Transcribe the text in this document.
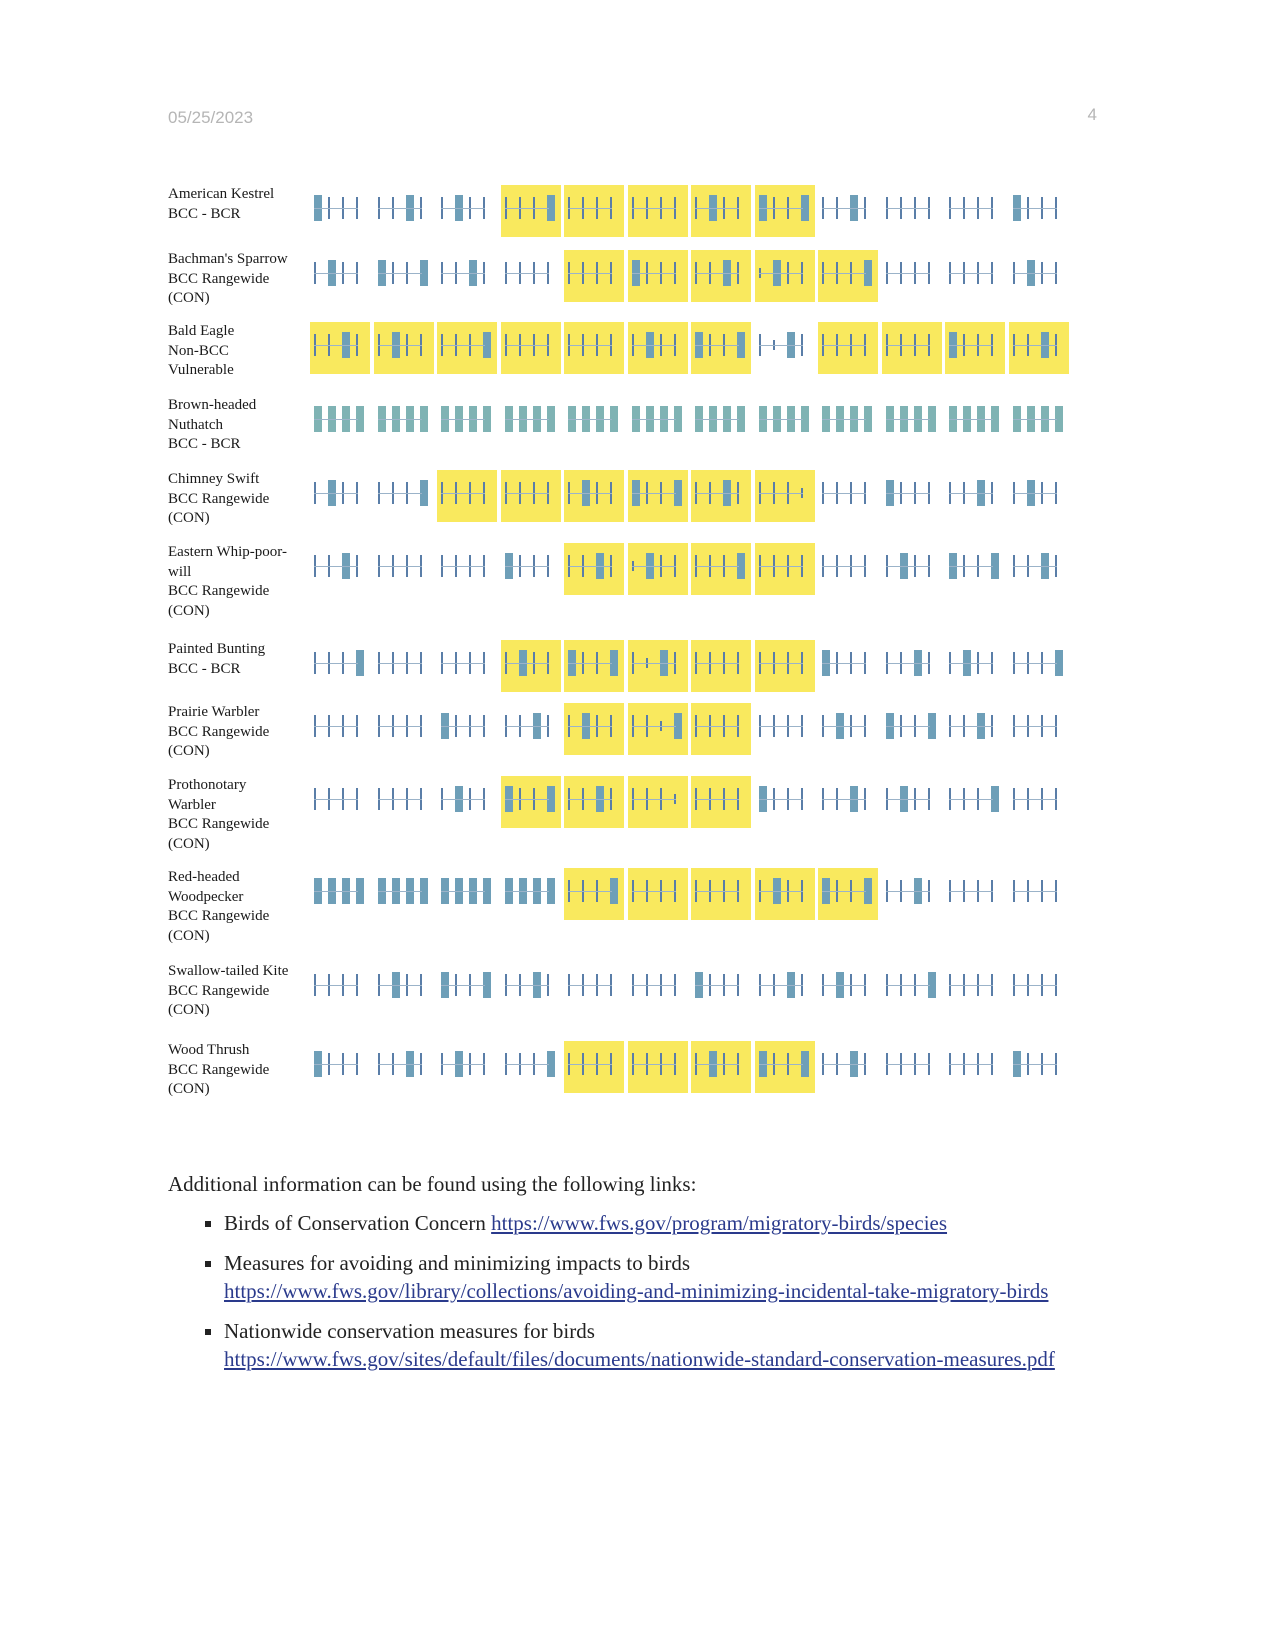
05/25/2023	4
American Kestrel
BCC - BCR
Bachman's Sparrow
BCC Rangewide
(CON)
Bald Eagle
Non-BCC
Vulnerable
Brown-headed
Nuthatch
BCC - BCR
Chimney Swift
BCC Rangewide
(CON)
Eastern Whip-poor-
will
BCC Rangewide
(CON)
Painted Bunting
BCC - BCR
Prairie Warbler
BCC Rangewide
(CON)
Prothonotary
Warbler
BCC Rangewide
(CON)
Red-headed
Woodpecker
BCC Rangewide
(CON)
Swallow-tailed Kite
BCC Rangewide
(CON)
Wood Thrush
BCC Rangewide
(CON)

Additional information can be found using the following links:

▪ Birds of Conservation Concern https://www.fws.gov/program/migratory-birds/species
▪ Measures for avoiding and minimizing impacts to birds https://www.fws.gov/library/collections/avoiding-and-minimizing-incidental-take-migratory-birds
▪ Nationwide conservation measures for birds https://www.fws.gov/sites/default/files/documents/nationwide-standard-conservation-measures.pdf
